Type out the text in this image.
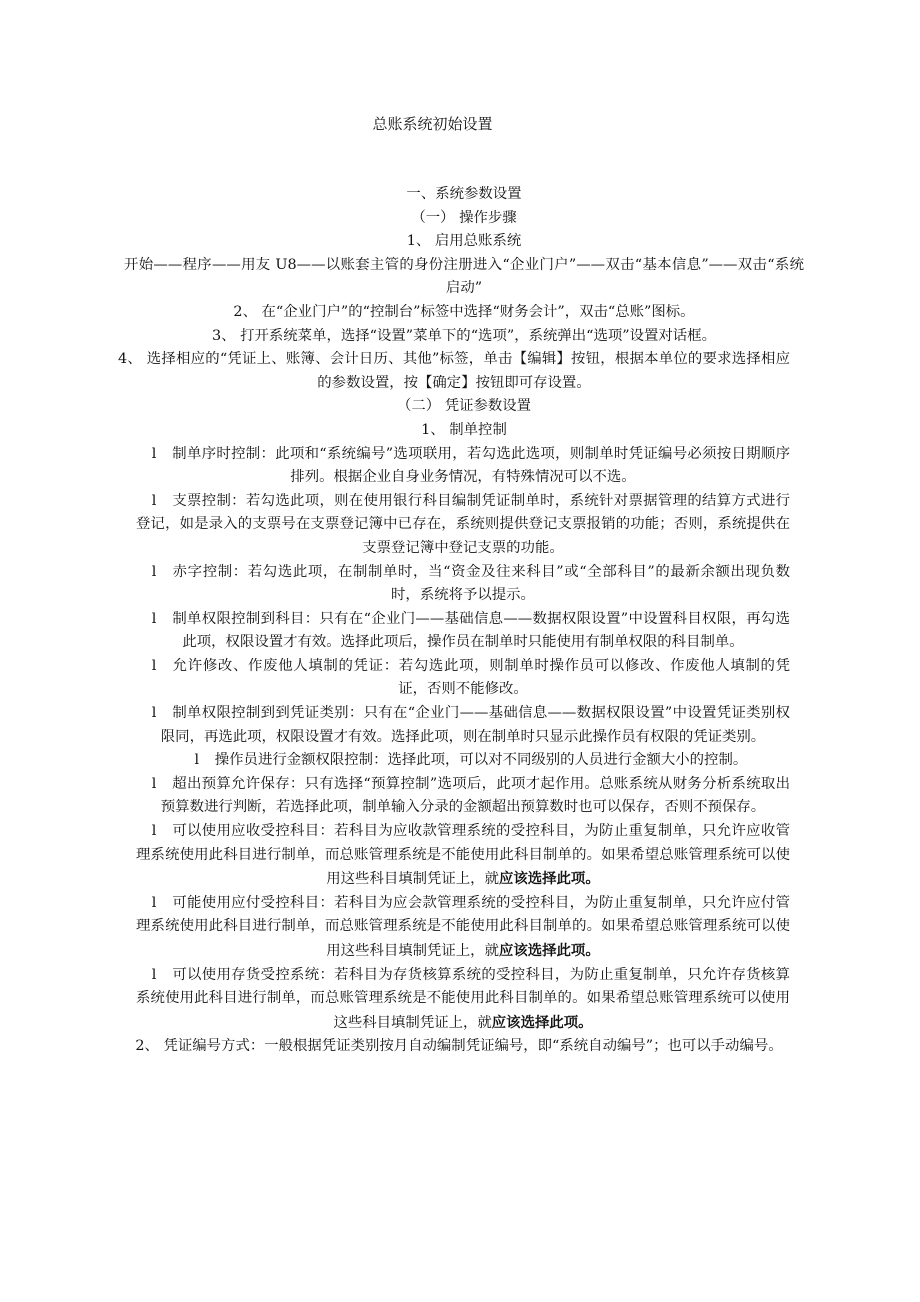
总账系统初始设置

一、系统参数设置

（一） 操作步骤

1、 启用总账系统

开始——程序——用友 U8——以账套主管的身份注册进入“企业门户”——双击“基本信息”——双击“系统启动”

2、 在“企业门户”的“控制台”标签中选择“财务会计”，双击“总账”图标。

3、 打开系统菜单，选择“设置”菜单下的“选项”，系统弹出“选项”设置对话框。

4、 选择相应的“凭证上、账簿、会计日历、其他”标签，单击【编辑】按钮，根据本单位的要求选择相应的参数设置，按【确定】按钮即可存设置。

（二） 凭证参数设置

1、 制单控制

l 制单序时控制：此项和“系统编号”选项联用，若勾选此选项，则制单时凭证编号必须按日期顺序排列。根据企业自身业务情况，有特殊情况可以不选。

l 支票控制：若勾选此项，则在使用银行科目编制凭证制单时，系统针对票据管理的结算方式进行登记，如是录入的支票号在支票登记簿中已存在，系统则提供登记支票报销的功能；否则，系统提供在支票登记簿中登记支票的功能。

l 赤字控制：若勾选此项，在制制单时，当“资金及往来科目”或“全部科目”的最新余额出现负数时，系统将予以提示。

l 制单权限控制到科目：只有在“企业门——基础信息——数据权限设置”中设置科目权限，再勾选此项，权限设置才有效。选择此项后，操作员在制单时只能使用有制单权限的科目制单。

l 允许修改、作废他人填制的凭证：若勾选此项，则制单时操作员可以修改、作废他人填制的凭证，否则不能修改。

l 制单权限控制到到凭证类别：只有在“企业门——基础信息——数据权限设置”中设置凭证类别权限同，再选此项，权限设置才有效。选择此项，则在制单时只显示此操作员有权限的凭证类别。

l 操作员进行金额权限控制：选择此项，可以对不同级别的人员进行金额大小的控制。

l 超出预算允许保存：只有选择“预算控制”选项后，此项才起作用。总账系统从财务分析系统取出预算数进行判断，若选择此项，制单输入分录的金额超出预算数时也可以保存，否则不预保存。

l 可以使用应收受控科目：若科目为应收款管理系统的受控科目，为防止重复制单，只允许应收管理系统使用此科目进行制单，而总账管理系统是不能使用此科目制单的。如果希望总账管理系统可以使用这些科目填制凭证上，就应该选择此项。

l 可能使用应付受控科目：若科目为应会款管理系统的受控科目，为防止重复制单，只允许应付管理系统使用此科目进行制单，而总账管理系统是不能使用此科目制单的。如果希望总账管理系统可以使用这些科目填制凭证上，就应该选择此项。

l 可以使用存货受控系统：若科目为存货核算系统的受控科目，为防止重复制单，只允许存货核算系统使用此科目进行制单，而总账管理系统是不能使用此科目制单的。如果希望总账管理系统可以使用这些科目填制凭证上，就应该选择此项。

2、 凭证编号方式：一般根据凭证类别按月自动编制凭证编号，即“系统自动编号”；也可以手动编号。
